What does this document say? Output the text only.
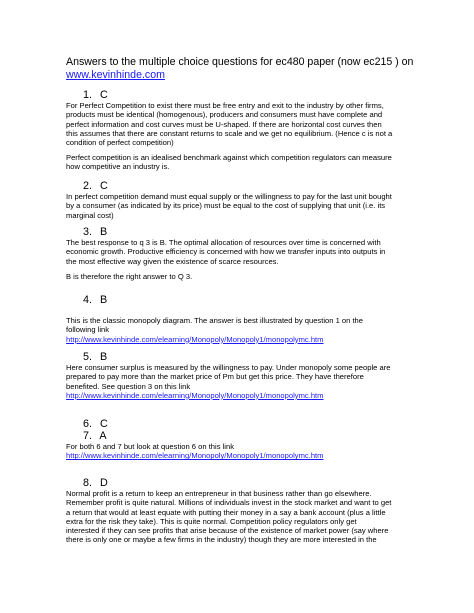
Answers to the multiple choice questions for ec480 paper (now ec215 ) on
www.kevinhinde.com
1. C
For Perfect Competition to exist there must be free entry and exit to the industry by other firms,
products must be identical (homogenous), producers and consumers must have complete and
perfect information and cost curves must be U-shaped. If there are horizontal cost curves then
this assumes that there are constant returns to scale and we get no equilibrium. (Hence c is not a
condition of perfect competition)
Perfect competition is an idealised benchmark against which competition regulators can measure
how competitive an industry is.
2. C
In perfect competition demand must equal supply or the willingness to pay for the last unit bought
by a consumer (as indicated by its price) must be equal to the cost of supplying that unit (i.e. its
marginal cost)
3. B
The best response to q 3 is B. The optimal allocation of resources over time is concerned with
economic growth. Productive efficiency is concerned with how we transfer inputs into outputs in
the most effective way given the existence of scarce resources.
B is therefore the right answer to Q 3.
4. B
This is the classic monopoly diagram. The answer is best illustrated by question 1 on the
following link
http://www.kevinhinde.com/elearning/Monopoly/Monopoly1/monopolymc.htm
5. B
Here consumer surplus is measured by the willingness to pay. Under monopoly some people are
prepared to pay more than the market price of Pm but get this price. They have therefore
benefited. See question 3 on this link
http://www.kevinhinde.com/elearning/Monopoly/Monopoly1/monopolymc.htm
6. C
7. A
For both 6 and 7 but look at question 6 on this link
http://www.kevinhinde.com/elearning/Monopoly/Monopoly1/monopolymc.htm
8. D
Normal profit is a return to keep an entrepreneur in that business rather than go elsewhere.
Remember profit is quite natural. Millions of individuals invest in the stock market and want to get
a return that would at least equate with putting their money in a say a bank account (plus a little
extra for the risk they take). This is quite normal. Competition policy regulators only get
interested if they can see profits that arise because of the existence of market power (say where
there is only one or maybe a few firms in the industry) though they are more interested in the
